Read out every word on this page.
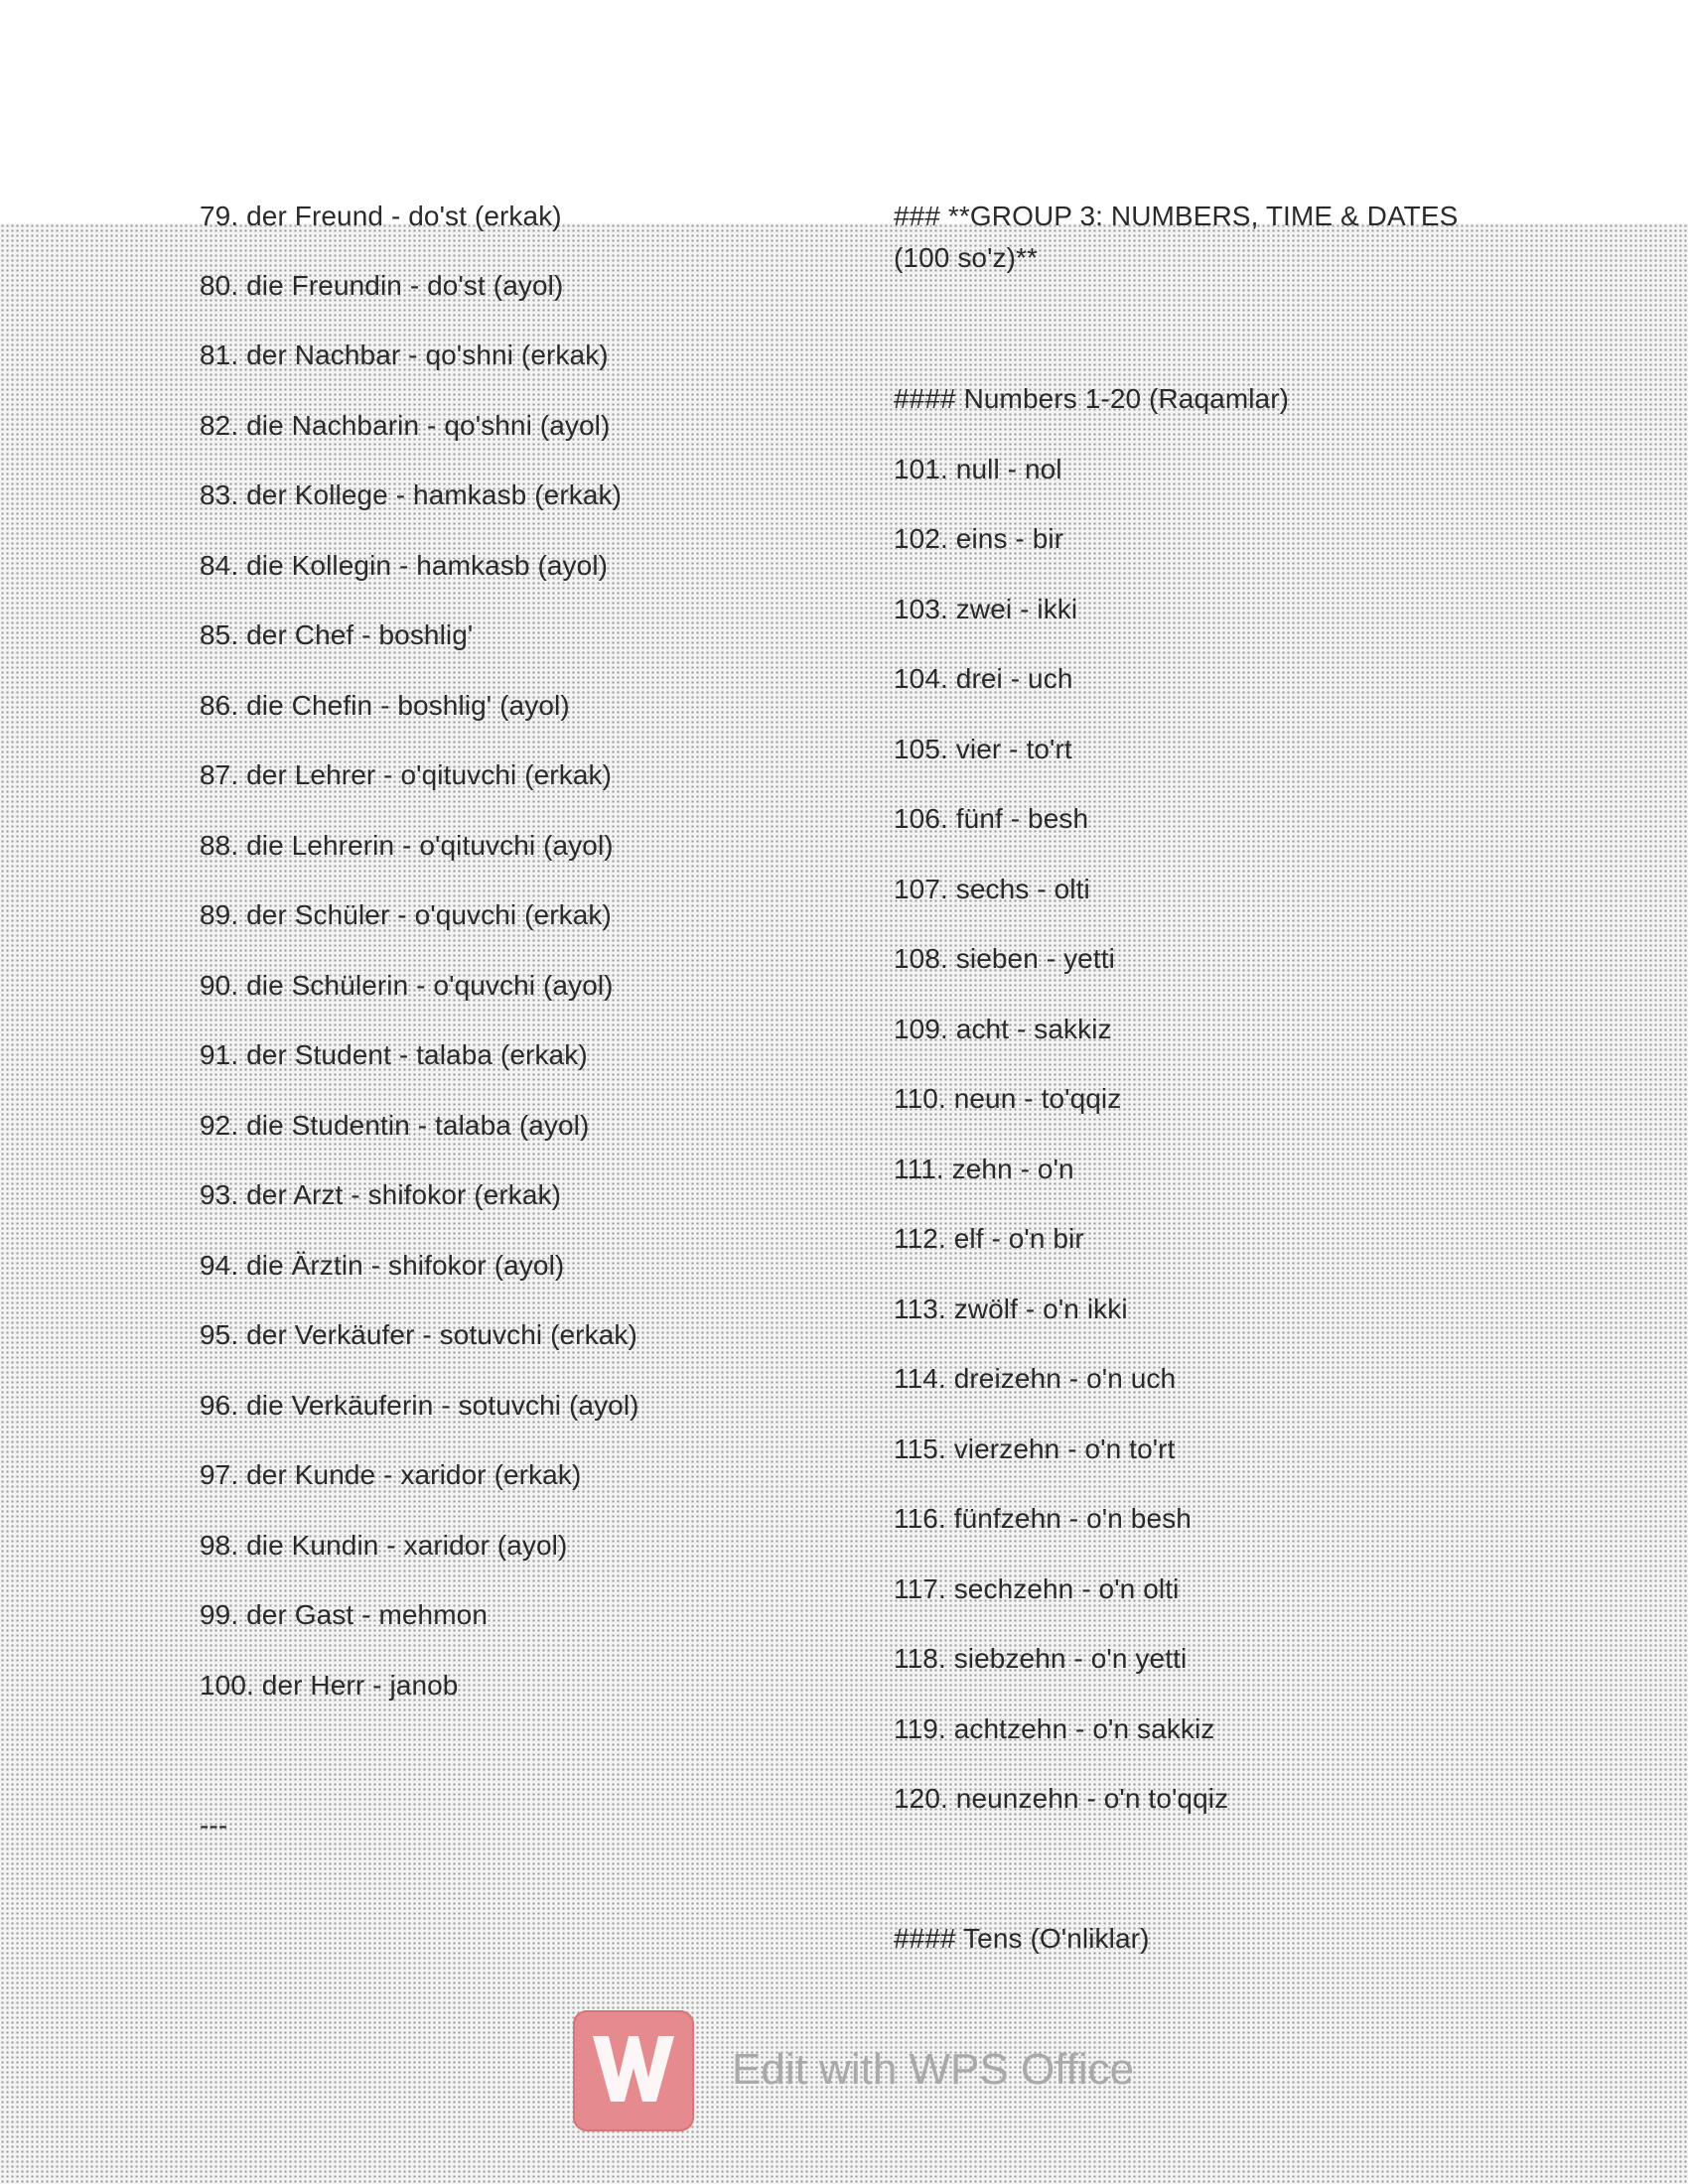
79. der Freund - do'st (erkak)
80. die Freundin - do'st (ayol)
81. der Nachbar - qo'shni (erkak)
82. die Nachbarin - qo'shni (ayol)
83. der Kollege - hamkasb (erkak)
84. die Kollegin - hamkasb (ayol)
85. der Chef - boshlig'
86. die Chefin - boshlig' (ayol)
87. der Lehrer - o'qituvchi (erkak)
88. die Lehrerin - o'qituvchi (ayol)
89. der Schüler - o'quvchi (erkak)
90. die Schülerin - o'quvchi (ayol)
91. der Student - talaba (erkak)
92. die Studentin - talaba (ayol)
93. der Arzt - shifokor (erkak)
94. die Ärztin - shifokor (ayol)
95. der Verkäufer - sotuvchi (erkak)
96. die Verkäuferin - sotuvchi (ayol)
97. der Kunde - xaridor (erkak)
98. die Kundin - xaridor (ayol)
99. der Gast - mehmon
100. der Herr - janob
---
### **GROUP 3: NUMBERS, TIME & DATES (100 so'z)**
#### Numbers 1-20 (Raqamlar)
101. null - nol
102. eins - bir
103. zwei - ikki
104. drei - uch
105. vier - to'rt
106. fünf - besh
107. sechs - olti
108. sieben - yetti
109. acht - sakkiz
110. neun - to'qqiz
111. zehn - o'n
112. elf - o'n bir
113. zwölf - o'n ikki
114. dreizehn - o'n uch
115. vierzehn - o'n to'rt
116. fünfzehn - o'n besh
117. sechzehn - o'n olti
118. siebzehn - o'n yetti
119. achtzehn - o'n sakkiz
120. neunzehn - o'n to'qqiz
#### Tens (O'nliklar)
Edit with WPS Office
